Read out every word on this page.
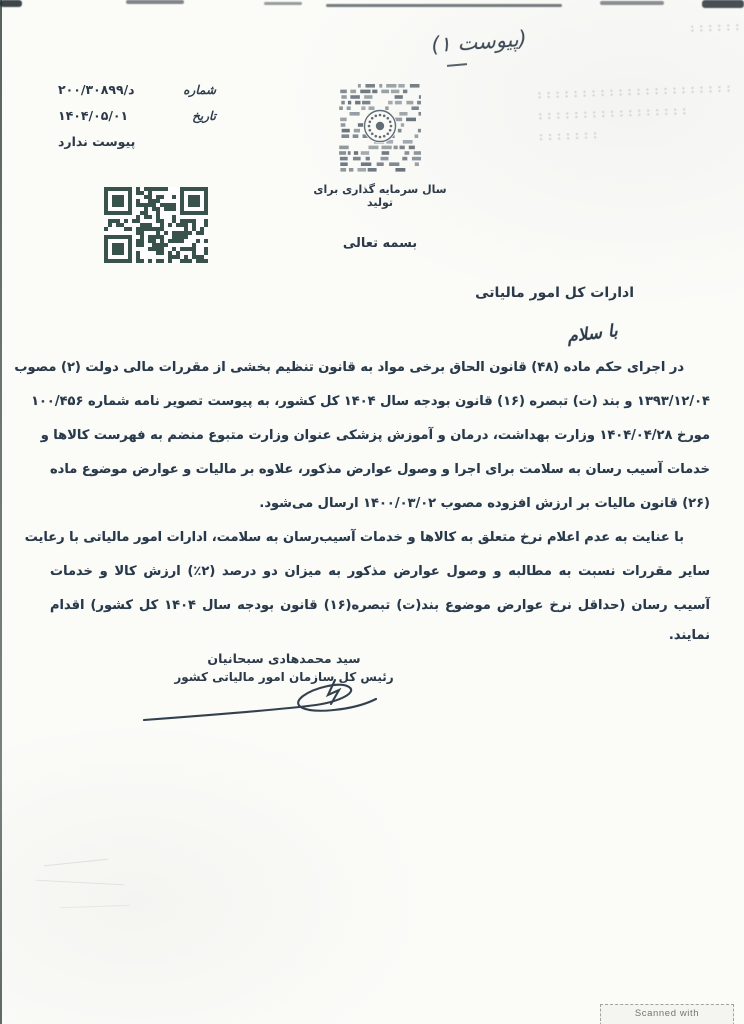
(پیوست ۱)
شماره
د/۲۰۰/۳۰۸۹۹
تاریخ
۱۴۰۴/۰۵/۰۱
پیوست ندارد
سال سرمایه گذاری برای تولید
بسمه تعالی
ادارات کل امور مالیاتی
با سلام
در اجرای حکم ماده (۴۸) قانون الحاق برخی مواد به قانون تنظیم بخشی از مقررات مالی دولت (۲) مصوب
۱۳۹۳/۱۲/۰۴ و بند (ت) تبصره (۱۶) قانون بودجه سال ۱۴۰۴ کل کشور، به پیوست تصویر نامه شماره ۱۰۰/۴۵۶
مورخ ۱۴۰۴/۰۴/۲۸ وزارت بهداشت، درمان و آموزش پزشکی عنوان وزارت متبوع منضم به فهرست کالاها و
خدمات آسیب رسان به سلامت برای اجرا و وصول عوارض مذکور، علاوه بر مالیات و عوارض موضوع ماده
(۲۶) قانون مالیات بر ارزش افزوده مصوب ۱۴۰۰/۰۳/۰۲ ارسال می‌شود.
با عنایت به عدم اعلام نرخ متعلق به کالاها و خدمات آسیب‌رسان به سلامت، ادارات امور مالیاتی با رعایت
سایر مقررات نسبت به مطالبه و وصول عوارض مذکور به میزان دو درصد (۲٪) ارزش کالا و خدمات
آسیب رسان (حداقل نرخ عوارض موضوع بند(ت) تبصره(۱۶) قانون بودجه سال ۱۴۰۴ کل کشور) اقدام نمایند.
سید محمدهادی سبحانیان
رئیس کل سازمان امور مالیاتی کشور
Scanned with
